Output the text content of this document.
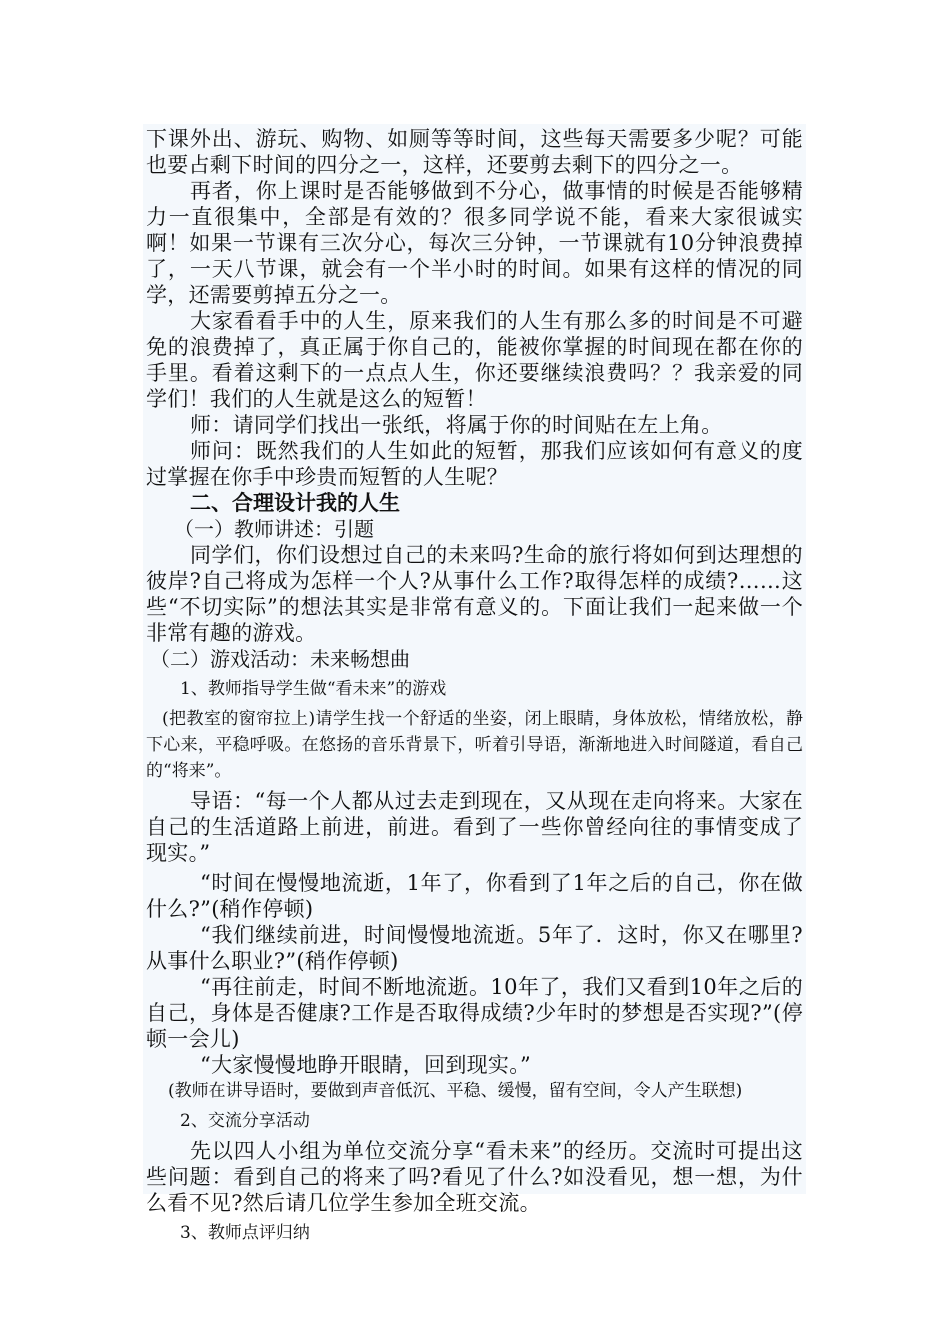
下课外出、游玩、购物、如厕等等时间，这些每天需要多少呢？可能也要占剩下时间的四分之一，这样，还要剪去剩下的四分之一。

再者，你上课时是否能够做到不分心，做事情的时候是否能够精力一直很集中，全部是有效的？很多同学说不能，看来大家很诚实啊！如果一节课有三次分心，每次三分钟，一节课就有10分钟浪费掉了，一天八节课，就会有一个半小时的时间。如果有这样的情况的同学，还需要剪掉五分之一。

大家看看手中的人生，原来我们的人生有那么多的时间是不可避免的浪费掉了，真正属于你自己的，能被你掌握的时间现在都在你的手里。看着这剩下的一点点人生，你还要继续浪费吗？？我亲爱的同学们！我们的人生就是这么的短暂！

师：请同学们找出一张纸，将属于你的时间贴在左上角。

师问：既然我们的人生如此的短暂，那我们应该如何有意义的度过掌握在你手中珍贵而短暂的人生呢？

二、合理设计我的人生

（一）教师讲述：引题

同学们，你们设想过自己的未来吗?生命的旅行将如何到达理想的彼岸?自己将成为怎样一个人?从事什么工作?取得怎样的成绩?……这些“不切实际”的想法其实是非常有意义的。下面让我们一起来做一个非常有趣的游戏。

（二）游戏活动：未来畅想曲

1、教师指导学生做“看未来”的游戏

(把教室的窗帘拉上)请学生找一个舒适的坐姿，闭上眼睛，身体放松，情绪放松，静下心来，平稳呼吸。在悠扬的音乐背景下，听着引导语，渐渐地进入时间隧道，看自己的“将来”。

导语：“每一个人都从过去走到现在，又从现在走向将来。大家在自己的生活道路上前进，前进。看到了一些你曾经向往的事情变成了现实。”

“时间在慢慢地流逝，1年了，你看到了1年之后的自己，你在做什么?”(稍作停顿)

“我们继续前进，时间慢慢地流逝。5年了．这时，你又在哪里?从事什么职业?”(稍作停顿)

“再往前走，时间不断地流逝。10年了，我们又看到10年之后的自己，身体是否健康?工作是否取得成绩?少年时的梦想是否实现?”(停顿一会儿)

“大家慢慢地睁开眼睛，回到现实。”

(教师在讲导语时，要做到声音低沉、平稳、缓慢，留有空间，令人产生联想)

2、交流分享活动

先以四人小组为单位交流分享“看未来”的经历。交流时可提出这些问题：看到自己的将来了吗?看见了什么?如没看见，想一想，为什么看不见?然后请几位学生参加全班交流。

3、教师点评归纳
